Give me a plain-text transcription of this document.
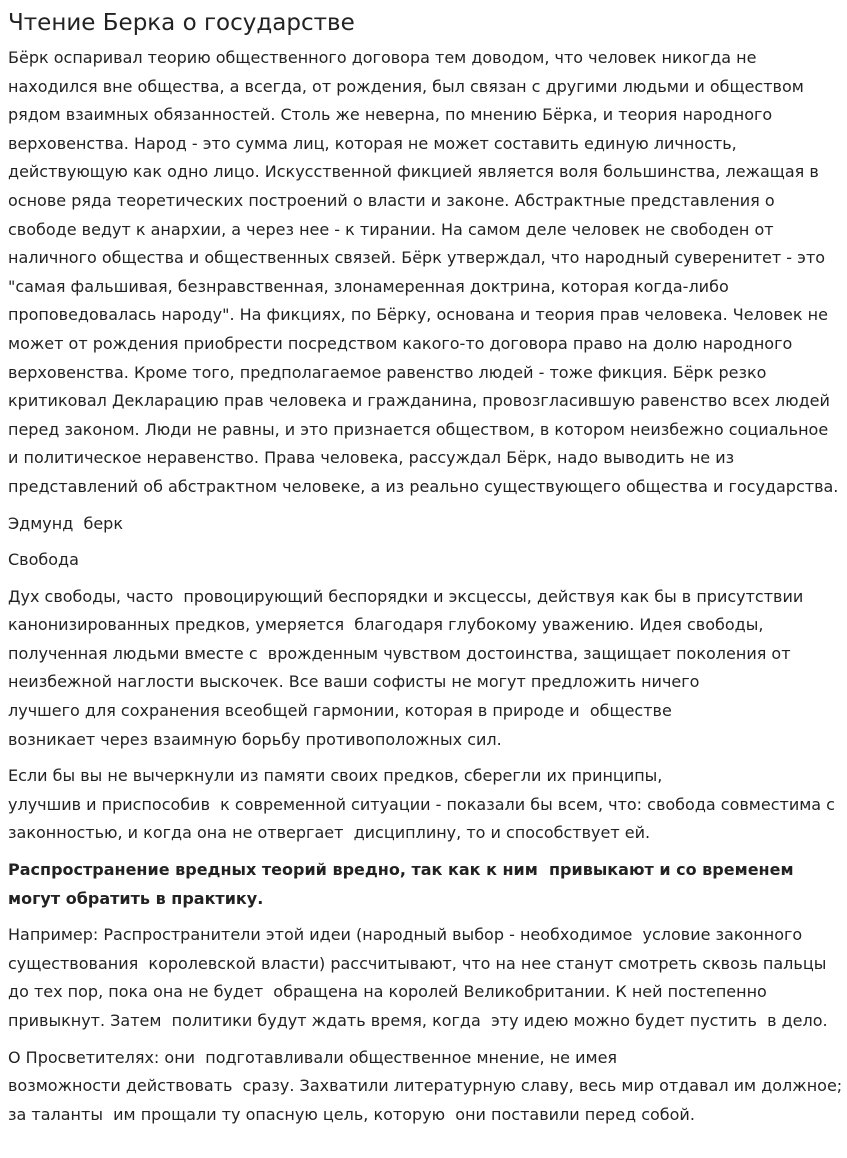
Чтение Берка о государстве

Бёрк оспаривал теорию общественного договора тем доводом, что человек никогда не находился вне общества, а всегда, от рождения, был связан с другими людьми и обществом рядом взаимных обязанностей. Столь же неверна, по мнению Бёрка, и теория народного верховенства. Народ - это сумма лиц, которая не может составить единую личность, действующую как одно лицо. Искусственной фикцией является воля большинства, лежащая в основе ряда теоретических построений о власти и законе. Абстрактные представления о свободе ведут к анархии, а через нее - к тирании. На самом деле человек не свободен от наличного общества и общественных связей. Бёрк утверждал, что народный суверенитет - это "самая фальшивая, безнравственная, злонамеренная доктрина, которая когда-либо проповедовалась народу". На фикциях, по Бёрку, основана и теория прав человека. Человек не может от рождения приобрести посредством какого-то договора право на долю народного верховенства. Кроме того, предполагаемое равенство людей - тоже фикция. Бёрк резко критиковал Декларацию прав человека и гражданина, провозгласившую равенство всех людей перед законом. Люди не равны, и это признается обществом, в котором неизбежно социальное и политическое неравенство. Права человека, рассуждал Бёрк, надо выводить не из представлений об абстрактном человеке, а из реально существующего общества и государства.

Эдмунд  берк

Свобода

Дух свободы, часто  провоцирующий беспорядки и эксцессы, действуя как бы в присутствии канонизированных предков, умеряется  благодаря глубокому уважению. Идея свободы, полученная людьми вместе с  врожденным чувством достоинства, защищает поколения от неизбежной наглости выскочек. Все ваши софисты не могут предложить ничего
лучшего для сохранения всеобщей гармонии, которая в природе и  обществе
возникает через взаимную борьбу противоположных сил.

Если бы вы не вычеркнули из памяти своих предков, сберегли их принципы,
улучшив и приспособив  к современной ситуации - показали бы всем, что: свобода совместима с  законностью, и когда она не отвергает  дисциплину, то и способствует ей.

Распространение вредных теорий вредно, так как к ним  привыкают и со временем могут обратить в практику.

Например: Распространители этой идеи (народный выбор - необходимое  условие законного существования  королевской власти) рассчитывают, что на нее станут смотреть сквозь пальцы до тех пор, пока она не будет  обращена на королей Великобритании. К ней постепенно привыкнут. Затем  политики будут ждать время, когда  эту идею можно будет пустить  в дело.

О Просветителях: они  подготавливали общественное мнение, не имея
возможности действовать  сразу. Захватили литературную славу, весь мир отдавал им должное; за таланты  им прощали ту опасную цель, которую  они поставили перед собой.
